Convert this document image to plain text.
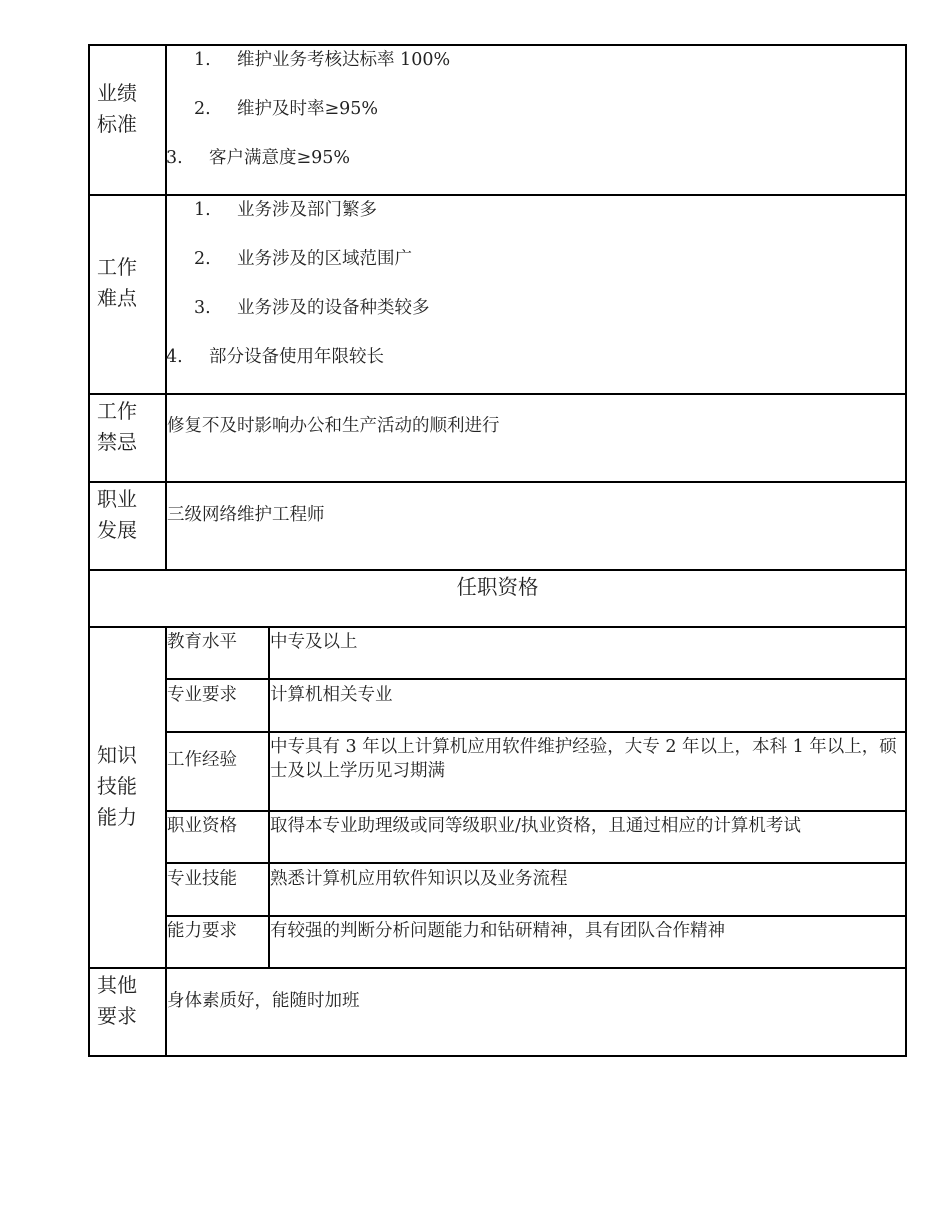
业绩标准
1. 维护业务考核达标率 100%
2. 维护及时率≥95%
3. 客户满意度≥95%
工作难点
1. 业务涉及部门繁多
2. 业务涉及的区域范围广
3. 业务涉及的设备种类较多
4. 部分设备使用年限较长
工作禁忌
修复不及时影响办公和生产活动的顺利进行
职业发展
三级网络维护工程师
任职资格
知识技能能力
教育水平 中专及以上
专业要求 计算机相关专业
工作经验
中专具有 3 年以上计算机应用软件维护经验，大专 2 年以上，本科 1 年以上，硕士及以上学历见习期满
职业资格 取得本专业助理级或同等级职业/执业资格，且通过相应的计算机考试
专业技能 熟悉计算机应用软件知识以及业务流程
能力要求 有较强的判断分析问题能力和钻研精神，具有团队合作精神
其他要求
身体素质好，能随时加班
